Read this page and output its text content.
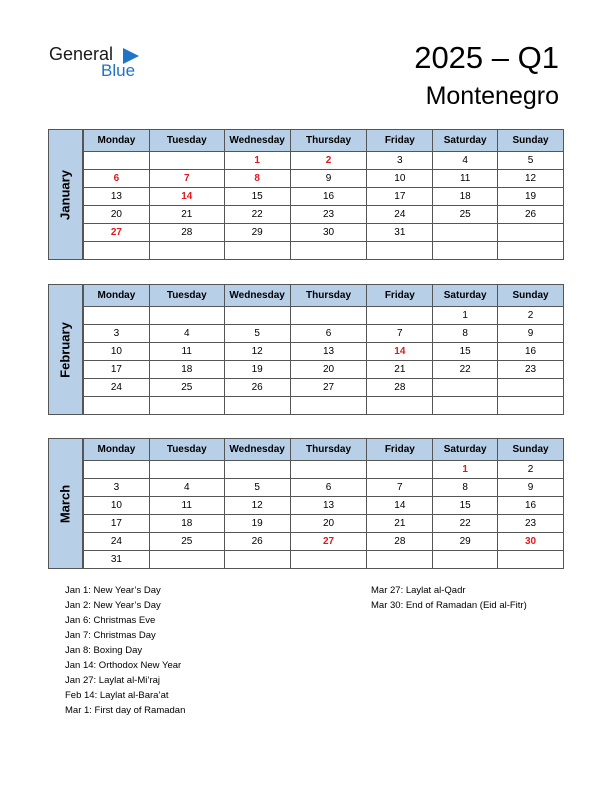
General
Blue	2025 – Q1
Montenegro
January
Monday	Tuesday	Wednesday	Thursday	Friday	Saturday	Sunday
		1	2	3	4	5
6	7	8	9	10	11	12
13	14	15	16	17	18	19
20	21	22	23	24	25	26
27	28	29	30	31		

February
Monday	Tuesday	Wednesday	Thursday	Friday	Saturday	Sunday
					1	2
3	4	5	6	7	8	9
10	11	12	13	14	15	16
17	18	19	20	21	22	23
24	25	26	27	28		

March
Monday	Tuesday	Wednesday	Thursday	Friday	Saturday	Sunday
					1	2
3	4	5	6	7	8	9
10	11	12	13	14	15	16
17	18	19	20	21	22	23
24	25	26	27	28	29	30
31						
Jan 1: New Year’s Day
Jan 2: New Year’s Day
Jan 6: Christmas Eve
Jan 7: Christmas Day
Jan 8: Boxing Day
Jan 14: Orthodox New Year
Jan 27: Laylat al-Mi’raj
Feb 14: Laylat al-Bara’at
Mar 1: First day of Ramadan
Mar 27: Laylat al-Qadr
Mar 30: End of Ramadan (Eid al-Fitr)
